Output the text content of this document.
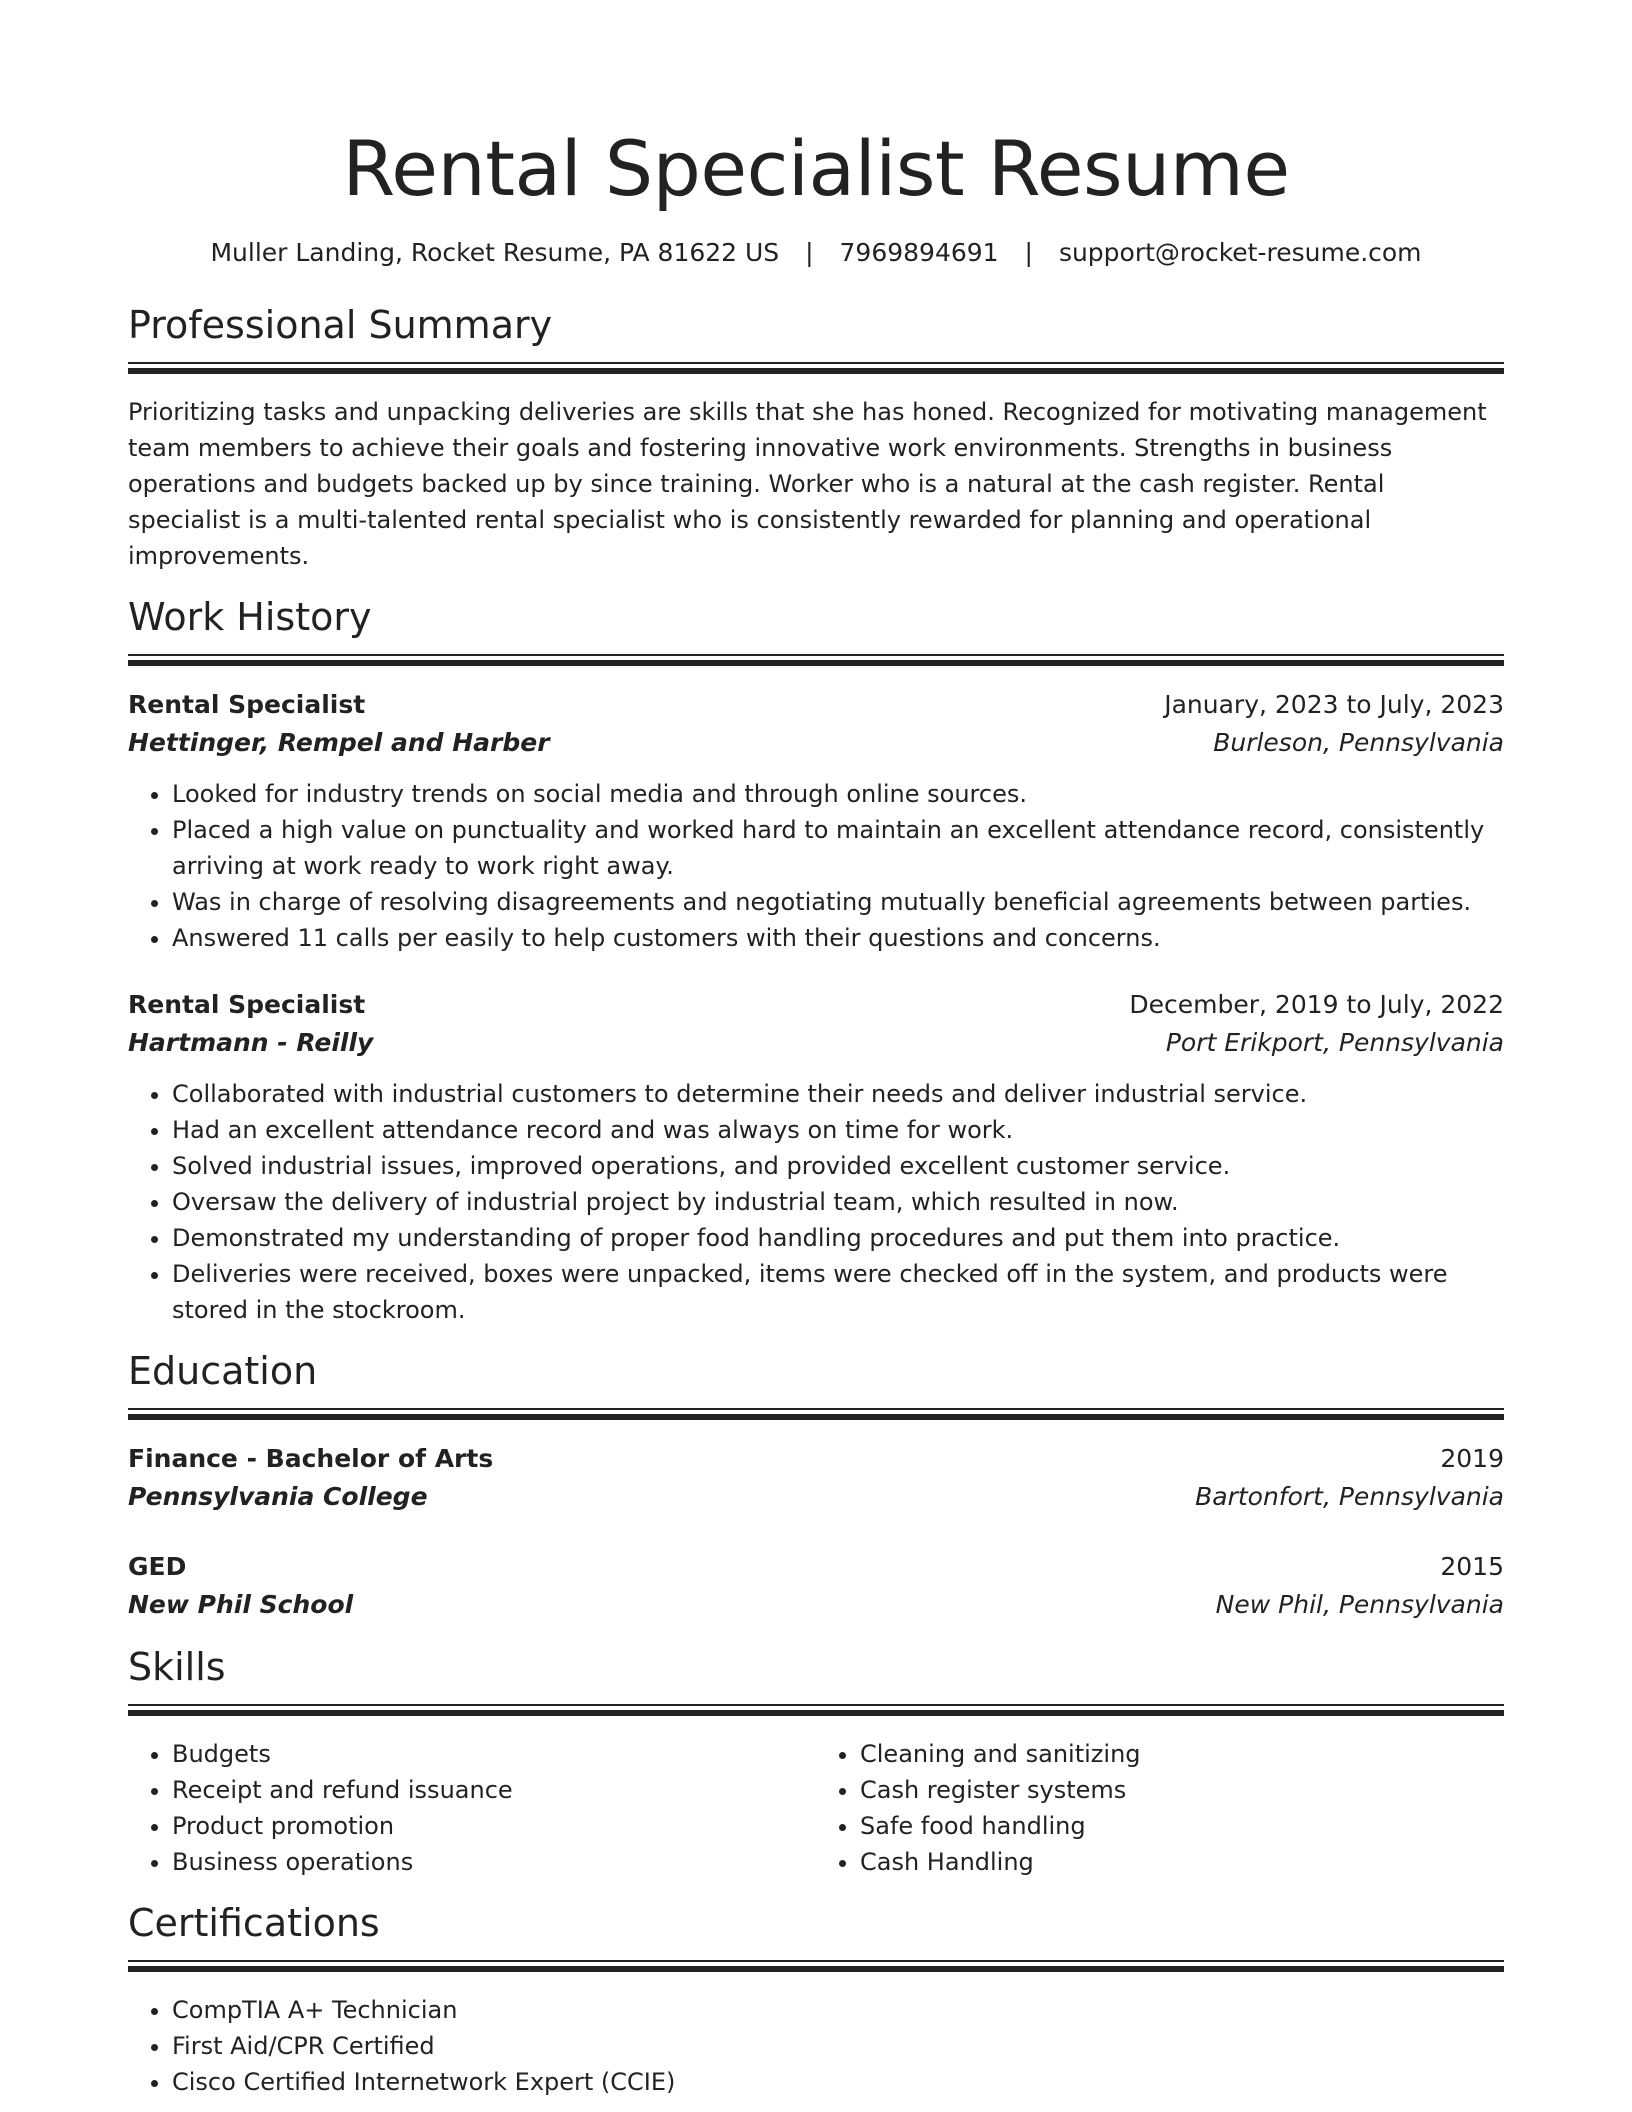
Rental Specialist Resume
Muller Landing, Rocket Resume, PA 81622 US | 7969894691 | support@rocket-resume.com
Professional Summary

Prioritizing tasks and unpacking deliveries are skills that she has honed. Recognized for motivating management team members to achieve their goals and fostering innovative work environments. Strengths in business operations and budgets backed up by since training. Worker who is a natural at the cash register. Rental specialist is a multi-talented rental specialist who is consistently rewarded for planning and operational improvements.

Work History
Rental Specialist	January, 2023 to July, 2023
Hettinger, Rempel and Harber	Burleson, Pennsylvania
• Looked for industry trends on social media and through online sources.
• Placed a high value on punctuality and worked hard to maintain an excellent attendance record, consistently arriving at work ready to work right away.
• Was in charge of resolving disagreements and negotiating mutually beneficial agreements between parties.
• Answered 11 calls per easily to help customers with their questions and concerns.
Rental Specialist	December, 2019 to July, 2022
Hartmann - Reilly	Port Erikport, Pennsylvania
• Collaborated with industrial customers to determine their needs and deliver industrial service.
• Had an excellent attendance record and was always on time for work.
• Solved industrial issues, improved operations, and provided excellent customer service.
• Oversaw the delivery of industrial project by industrial team, which resulted in now.
• Demonstrated my understanding of proper food handling procedures and put them into practice.
• Deliveries were received, boxes were unpacked, items were checked off in the system, and products were stored in the stockroom.
Education
Finance - Bachelor of Arts	2019
Pennsylvania College	Bartonfort, Pennsylvania
GED	2015
New Phil School	New Phil, Pennsylvania
Skills
• Budgets
• Receipt and refund issuance
• Product promotion
• Business operations
• Cleaning and sanitizing
• Cash register systems
• Safe food handling
• Cash Handling
Certifications
• CompTIA A+ Technician
• First Aid/CPR Certified
• Cisco Certified Internetwork Expert (CCIE)
